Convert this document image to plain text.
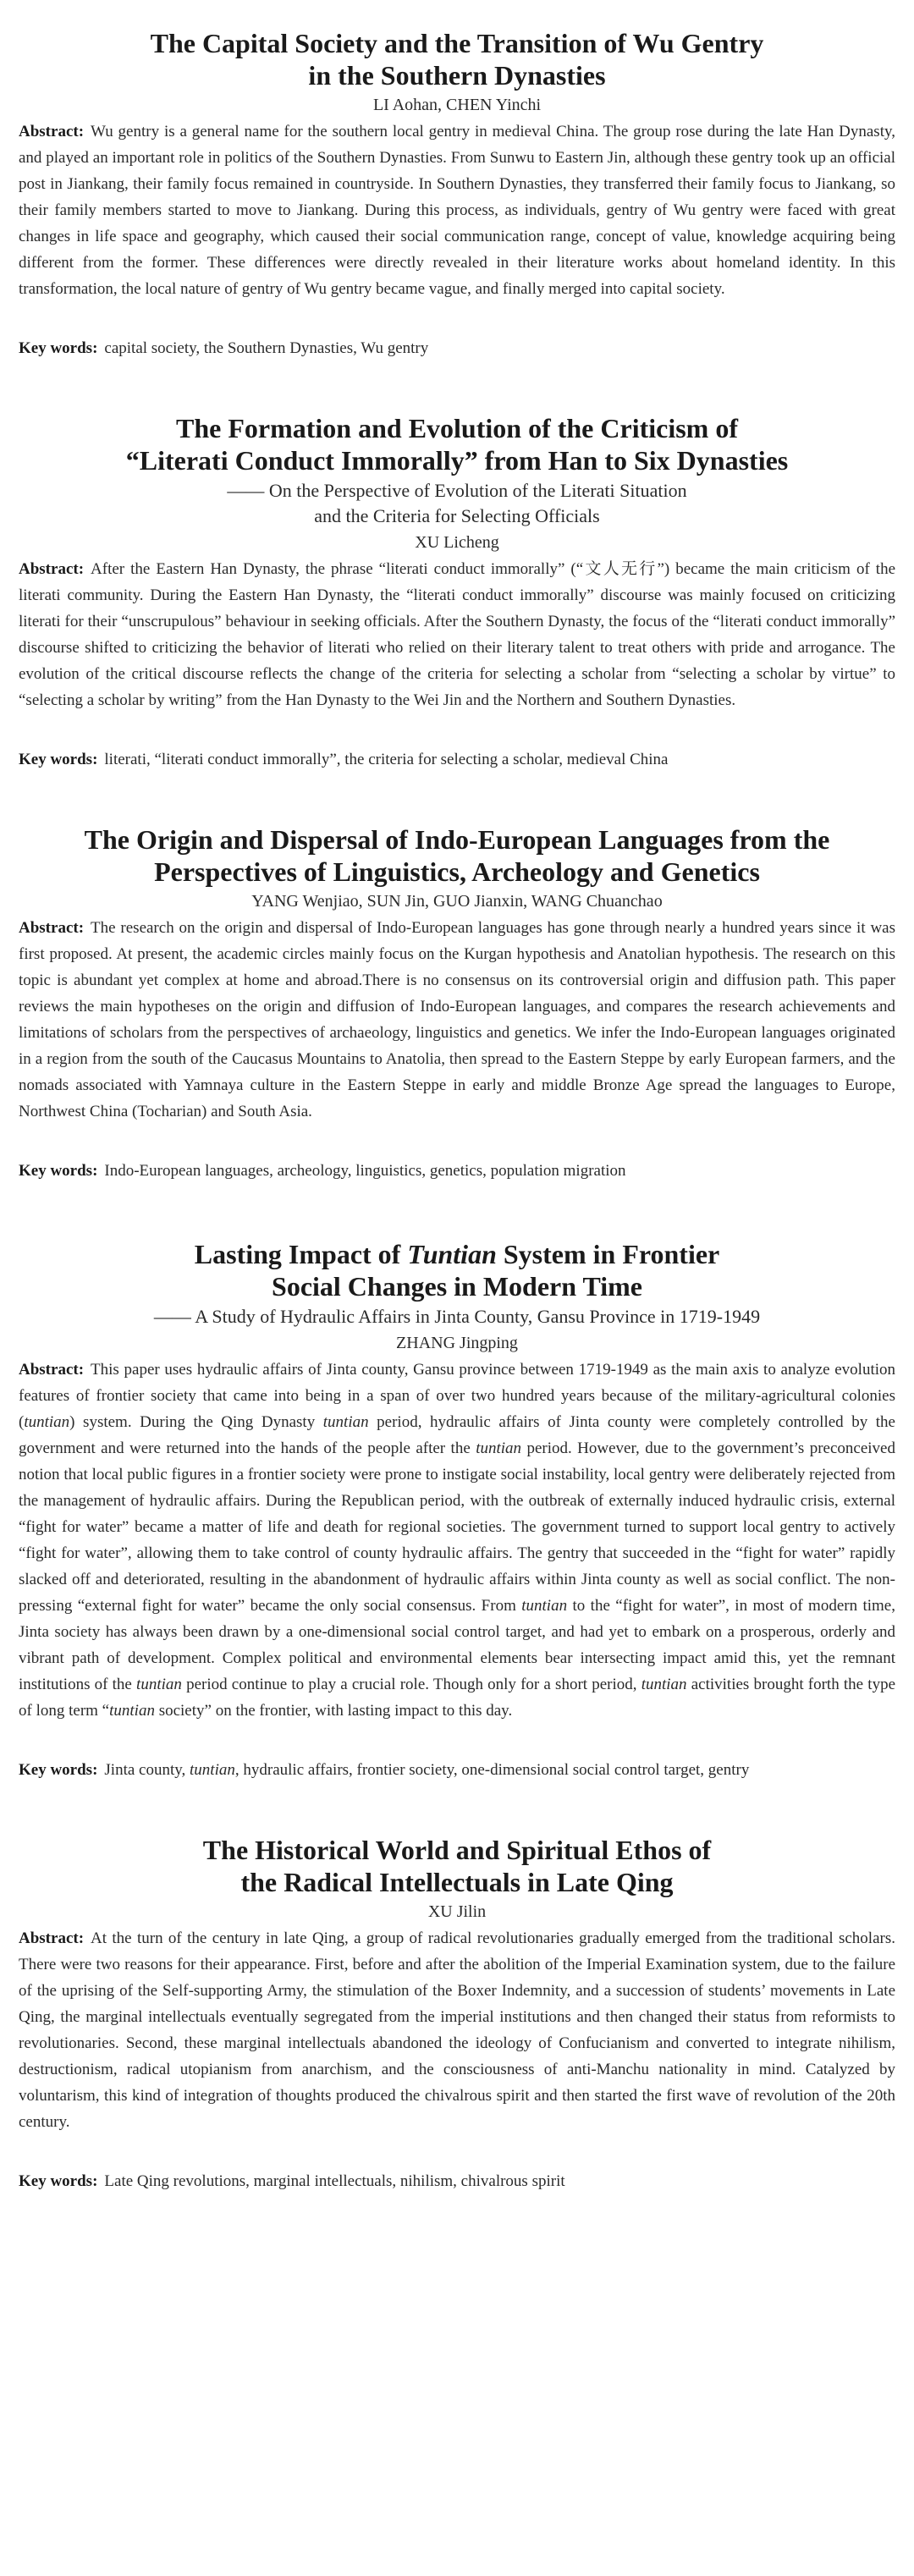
The Capital Society and the Transition of Wu Gentry
in the Southern Dynasties

LI Aohan, CHEN Yinchi

Abstract: Wu gentry is a general name for the southern local gentry in medieval China. The group rose during the late Han Dynasty, and played an important role in politics of the Southern Dynasties. From Sunwu to Eastern Jin, although these gentry took up an official post in Jiankang, their family focus remained in countryside. In Southern Dynasties, they transferred their family focus to Jiankang, so their family members started to move to Jiankang. During this process, as individuals, gentry of Wu gentry were faced with great changes in life space and geography, which caused their social communication range, concept of value, knowledge acquiring being different from the former. These differences were directly revealed in their literature works about homeland identity. In this transformation, the local nature of gentry of Wu gentry became vague, and finally merged into capital society.

Key words: capital society, the Southern Dynasties, Wu gentry

The Formation and Evolution of the Criticism of
“Literati Conduct Immorally” from Han to Six Dynasties

—— On the Perspective of Evolution of the Literati Situation
and the Criteria for Selecting Officials

XU Licheng

Abstract: After the Eastern Han Dynasty, the phrase “literati conduct immorally” (“文人无行”) became the main criticism of the literati community. During the Eastern Han Dynasty, the “literati conduct immorally” discourse was mainly focused on criticizing literati for their “unscrupulous” behaviour in seeking officials. After the Southern Dynasty, the focus of the “literati conduct immorally” discourse shifted to criticizing the behavior of literati who relied on their literary talent to treat others with pride and arrogance. The evolution of the critical discourse reflects the change of the criteria for selecting a scholar from “selecting a scholar by virtue” to “selecting a scholar by writing” from the Han Dynasty to the Wei Jin and the Northern and Southern Dynasties.

Key words: literati, “literati conduct immorally”, the criteria for selecting a scholar, medieval China

The Origin and Dispersal of Indo-European Languages from the
Perspectives of Linguistics, Archeology and Genetics

YANG Wenjiao, SUN Jin, GUO Jianxin, WANG Chuanchao

Abstract: The research on the origin and dispersal of Indo-European languages has gone through nearly a hundred years since it was first proposed. At present, the academic circles mainly focus on the Kurgan hypothesis and Anatolian hypothesis. The research on this topic is abundant yet complex at home and abroad.There is no consensus on its controversial origin and diffusion path. This paper reviews the main hypotheses on the origin and diffusion of Indo-European languages, and compares the research achievements and limitations of scholars from the perspectives of archaeology, linguistics and genetics. We infer the Indo-European languages originated in a region from the south of the Caucasus Mountains to Anatolia, then spread to the Eastern Steppe by early European farmers, and the nomads associated with Yamnaya culture in the Eastern Steppe in early and middle Bronze Age spread the languages to Europe, Northwest China (Tocharian) and South Asia.

Key words: Indo-European languages, archeology, linguistics, genetics, population migration

Lasting Impact of Tuntian System in Frontier
Social Changes in Modern Time

—— A Study of Hydraulic Affairs in Jinta County, Gansu Province in 1719-1949

ZHANG Jingping

Abstract: This paper uses hydraulic affairs of Jinta county, Gansu province between 1719-1949 as the main axis to analyze evolution features of frontier society that came into being in a span of over two hundred years because of the military-agricultural colonies (tuntian) system. During the Qing Dynasty tuntian period, hydraulic affairs of Jinta county were completely controlled by the government and were returned into the hands of the people after the tuntian period. However, due to the government’s preconceived notion that local public figures in a frontier society were prone to instigate social instability, local gentry were deliberately rejected from the management of hydraulic affairs. During the Republican period, with the outbreak of externally induced hydraulic crisis, external “fight for water” became a matter of life and death for regional societies. The government turned to support local gentry to actively “fight for water”, allowing them to take control of county hydraulic affairs. The gentry that succeeded in the “fight for water” rapidly slacked off and deteriorated, resulting in the abandonment of hydraulic affairs within Jinta county as well as social conflict. The non-pressing “external fight for water” became the only social consensus. From tuntian to the “fight for water”, in most of modern time, Jinta society has always been drawn by a one-dimensional social control target, and had yet to embark on a prosperous, orderly and vibrant path of development. Complex political and environmental elements bear intersecting impact amid this, yet the remnant institutions of the tuntian period continue to play a crucial role. Though only for a short period, tuntian activities brought forth the type of long term “tuntian society” on the frontier, with lasting impact to this day.

Key words: Jinta county, tuntian, hydraulic affairs, frontier society, one-dimensional social control target, gentry

The Historical World and Spiritual Ethos of
the Radical Intellectuals in Late Qing

XU Jilin

Abstract: At the turn of the century in late Qing, a group of radical revolutionaries gradually emerged from the traditional scholars. There were two reasons for their appearance. First, before and after the abolition of the Imperial Examination system, due to the failure of the uprising of the Self-supporting Army, the stimulation of the Boxer Indemnity, and a succession of students’ movements in Late Qing, the marginal intellectuals eventually segregated from the imperial institutions and then changed their status from reformists to revolutionaries. Second, these marginal intellectuals abandoned the ideology of Confucianism and converted to integrate nihilism, destructionism, radical utopianism from anarchism, and the consciousness of anti-Manchu nationality in mind. Catalyzed by voluntarism, this kind of integration of thoughts produced the chivalrous spirit and then started the first wave of revolution of the 20th century.

Key words: Late Qing revolutions, marginal intellectuals, nihilism, chivalrous spirit
